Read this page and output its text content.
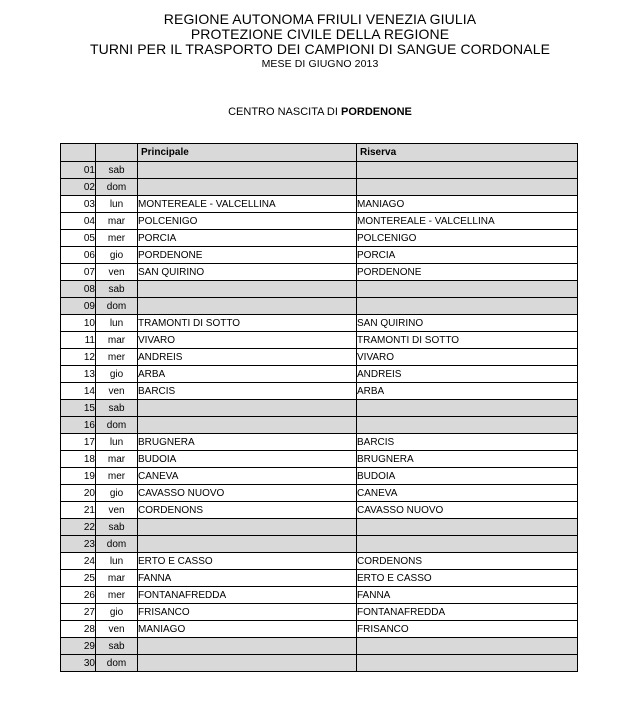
REGIONE AUTONOMA FRIULI VENEZIA GIULIA
PROTEZIONE CIVILE DELLA REGIONE
TURNI PER IL TRASPORTO DEI CAMPIONI DI SANGUE CORDONALE
MESE DI GIUGNO 2013
CENTRO NASCITA DI PORDENONE
		Principale	Riserva
01	sab		
02	dom		
03	lun	MONTEREALE - VALCELLINA	MANIAGO
04	mar	POLCENIGO	MONTEREALE - VALCELLINA
05	mer	PORCIA	POLCENIGO
06	gio	PORDENONE	PORCIA
07	ven	SAN QUIRINO	PORDENONE
08	sab		
09	dom		
10	lun	TRAMONTI DI SOTTO	SAN QUIRINO
11	mar	VIVARO	TRAMONTI DI SOTTO
12	mer	ANDREIS	VIVARO
13	gio	ARBA	ANDREIS
14	ven	BARCIS	ARBA
15	sab		
16	dom		
17	lun	BRUGNERA	BARCIS
18	mar	BUDOIA	BRUGNERA
19	mer	CANEVA	BUDOIA
20	gio	CAVASSO NUOVO	CANEVA
21	ven	CORDENONS	CAVASSO NUOVO
22	sab		
23	dom		
24	lun	ERTO E CASSO	CORDENONS
25	mar	FANNA	ERTO E CASSO
26	mer	FONTANAFREDDA	FANNA
27	gio	FRISANCO	FONTANAFREDDA
28	ven	MANIAGO	FRISANCO
29	sab		
30	dom		
